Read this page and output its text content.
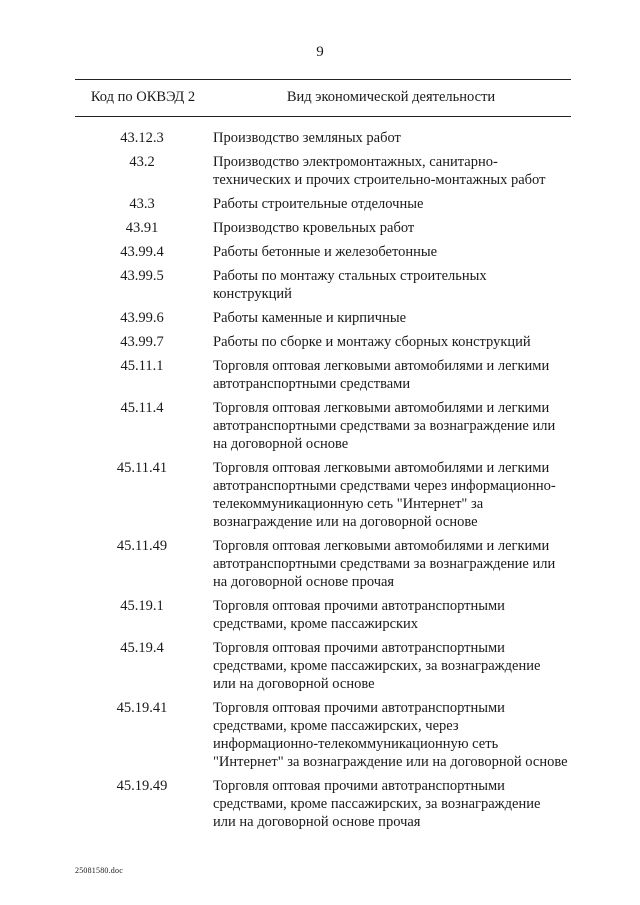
9
Код по ОКВЭД 2	Вид экономической деятельности
43.12.3	Производство земляных работ
43.2	Производство электромонтажных, санитарно-
технических и прочих строительно-монтажных работ
43.3	Работы строительные отделочные
43.91	Производство кровельных работ
43.99.4	Работы бетонные и железобетонные
43.99.5	Работы по монтажу стальных строительных
конструкций
43.99.6	Работы каменные и кирпичные
43.99.7	Работы по сборке и монтажу сборных конструкций
45.11.1	Торговля оптовая легковыми автомобилями и легкими
автотранспортными средствами
45.11.4	Торговля оптовая легковыми автомобилями и легкими
автотранспортными средствами за вознаграждение или
на договорной основе
45.11.41	Торговля оптовая легковыми автомобилями и легкими
автотранспортными средствами через информационно-
телекоммуникационную сеть "Интернет" за
вознаграждение или на договорной основе
45.11.49	Торговля оптовая легковыми автомобилями и легкими
автотранспортными средствами за вознаграждение или
на договорной основе прочая
45.19.1	Торговля оптовая прочими автотранспортными
средствами, кроме пассажирских
45.19.4	Торговля оптовая прочими автотранспортными
средствами, кроме пассажирских, за вознаграждение
или на договорной основе
45.19.41	Торговля оптовая прочими автотранспортными
средствами, кроме пассажирских, через
информационно-телекоммуникационную сеть
"Интернет" за вознаграждение или на договорной основе
45.19.49	Торговля оптовая прочими автотранспортными
средствами, кроме пассажирских, за вознаграждение
или на договорной основе прочая
25081580.doc
